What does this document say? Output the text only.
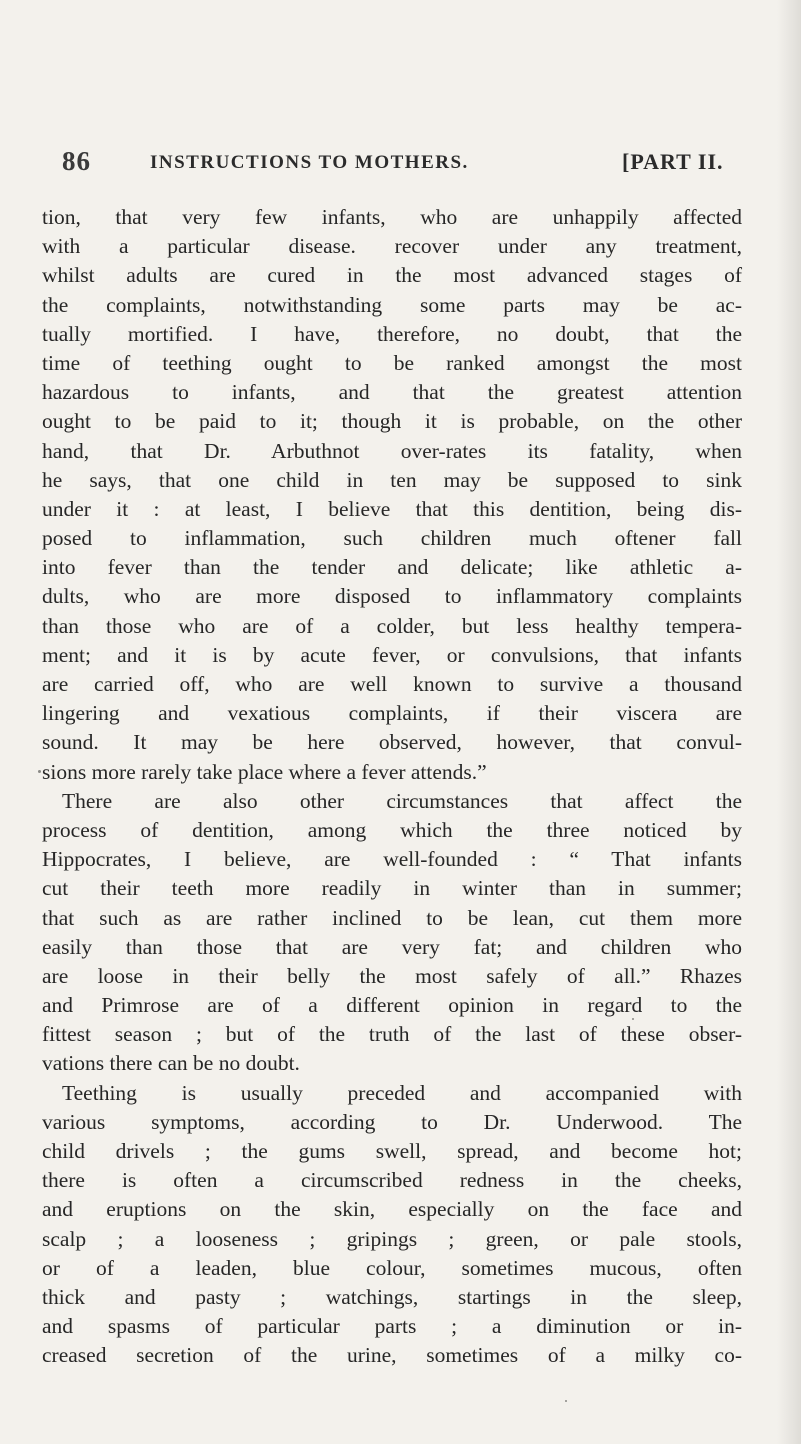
86	INSTRUCTIONS TO MOTHERS.	[PART II.
tion, that very few infants, who are unhappily affected
with a particular disease. recover under any treatment,
whilst adults are cured in the most advanced stages of
the complaints, notwithstanding some parts may be ac-
tually mortified. I have, therefore, no doubt, that the
time of teething ought to be ranked amongst the most
hazardous to infants, and that the greatest attention
ought to be paid to it; though it is probable, on the other
hand, that Dr. Arbuthnot over-rates its fatality, when
he says, that one child in ten may be supposed to sink
under it : at least, I believe that this dentition, being dis-
posed to inflammation, such children much oftener fall
into fever than the tender and delicate; like athletic a-
dults, who are more disposed to inflammatory complaints
than those who are of a colder, but less healthy tempera-
ment; and it is by acute fever, or convulsions, that infants
are carried off, who are well known to survive a thousand
lingering and vexatious complaints, if their viscera are
sound. It may be here observed, however, that convul-
sions more rarely take place where a fever attends.”
There are also other circumstances that affect the
process of dentition, among which the three noticed by
Hippocrates, I believe, are well-founded : “ That infants
cut their teeth more readily in winter than in summer;
that such as are rather inclined to be lean, cut them more
easily than those that are very fat; and children who
are loose in their belly the most safely of all.” Rhazes
and Primrose are of a different opinion in regard to the
fittest season ; but of the truth of the last of these obser-
vations there can be no doubt.
Teething is usually preceded and accompanied with
various symptoms, according to Dr. Underwood. The
child drivels ; the gums swell, spread, and become hot;
there is often a circumscribed redness in the cheeks,
and eruptions on the skin, especially on the face and
scalp ; a looseness ; gripings ; green, or pale stools,
or of a leaden, blue colour, sometimes mucous, often
thick and pasty ; watchings, startings in the sleep,
and spasms of particular parts ; a diminution or in-
creased secretion of the urine, sometimes of a milky co-
